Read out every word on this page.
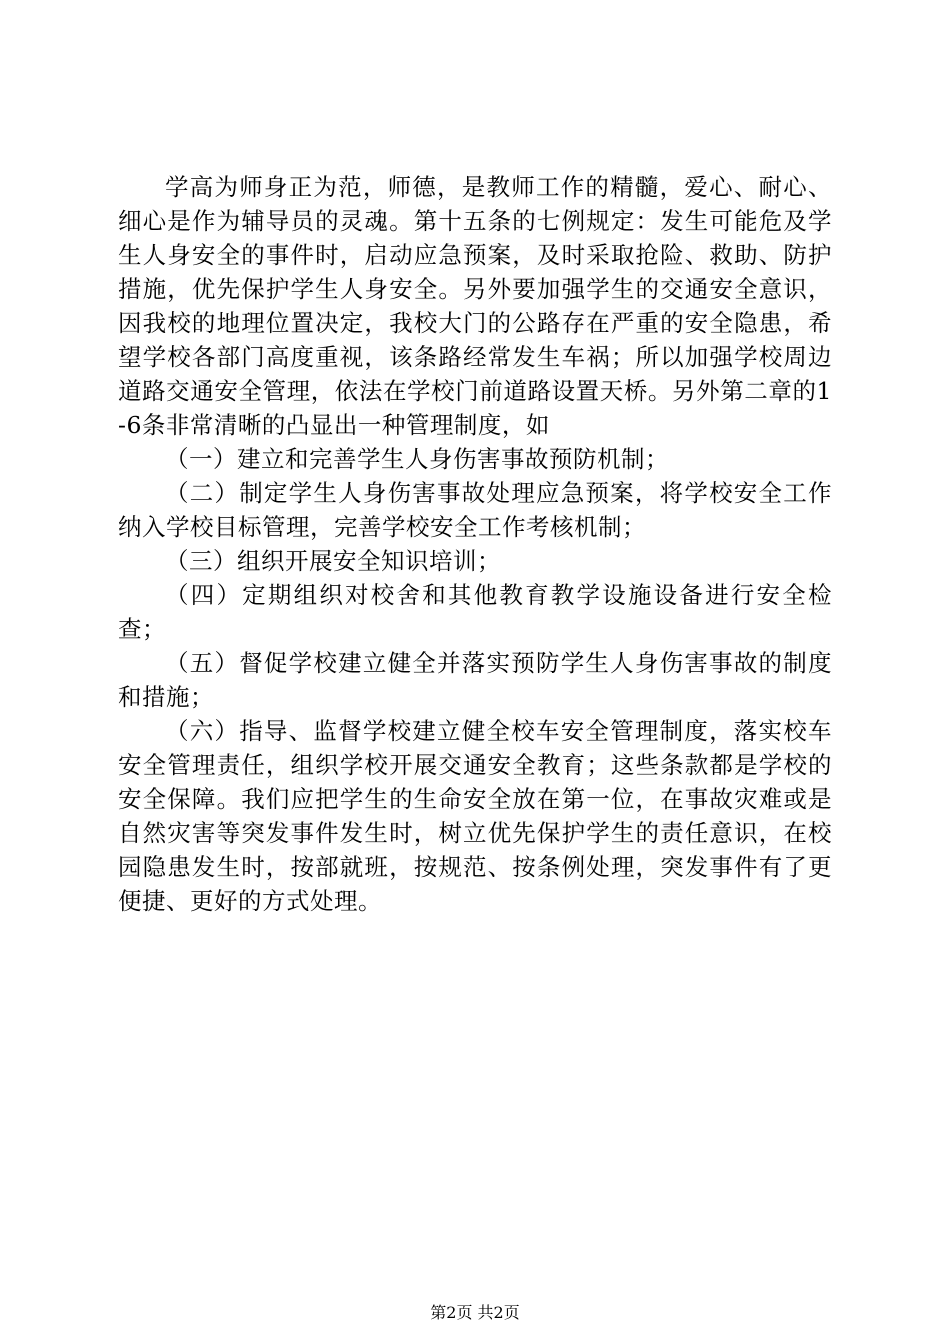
学高为师身正为范，师德，是教师工作的精髓，爱心、耐心、细心是作为辅导员的灵魂。第十五条的七例规定：发生可能危及学生人身安全的事件时，启动应急预案，及时采取抢险、救助、防护措施，优先保护学生人身安全。另外要加强学生的交通安全意识，因我校的地理位置决定，我校大门的公路存在严重的安全隐患，希望学校各部门高度重视，该条路经常发生车祸；所以加强学校周边道路交通安全管理，依法在学校门前道路设置天桥。另外第二章的1-6条非常清晰的凸显出一种管理制度，如

（一）建立和完善学生人身伤害事故预防机制；

（二）制定学生人身伤害事故处理应急预案，将学校安全工作纳入学校目标管理，完善学校安全工作考核机制；

（三）组织开展安全知识培训；

（四）定期组织对校舍和其他教育教学设施设备进行安全检查；

（五）督促学校建立健全并落实预防学生人身伤害事故的制度和措施；

（六）指导、监督学校建立健全校车安全管理制度，落实校车安全管理责任，组织学校开展交通安全教育；这些条款都是学校的安全保障。我们应把学生的生命安全放在第一位，在事故灾难或是自然灾害等突发事件发生时，树立优先保护学生的责任意识，在校园隐患发生时，按部就班，按规范、按条例处理，突发事件有了更便捷、更好的方式处理。

第2页 共2页
